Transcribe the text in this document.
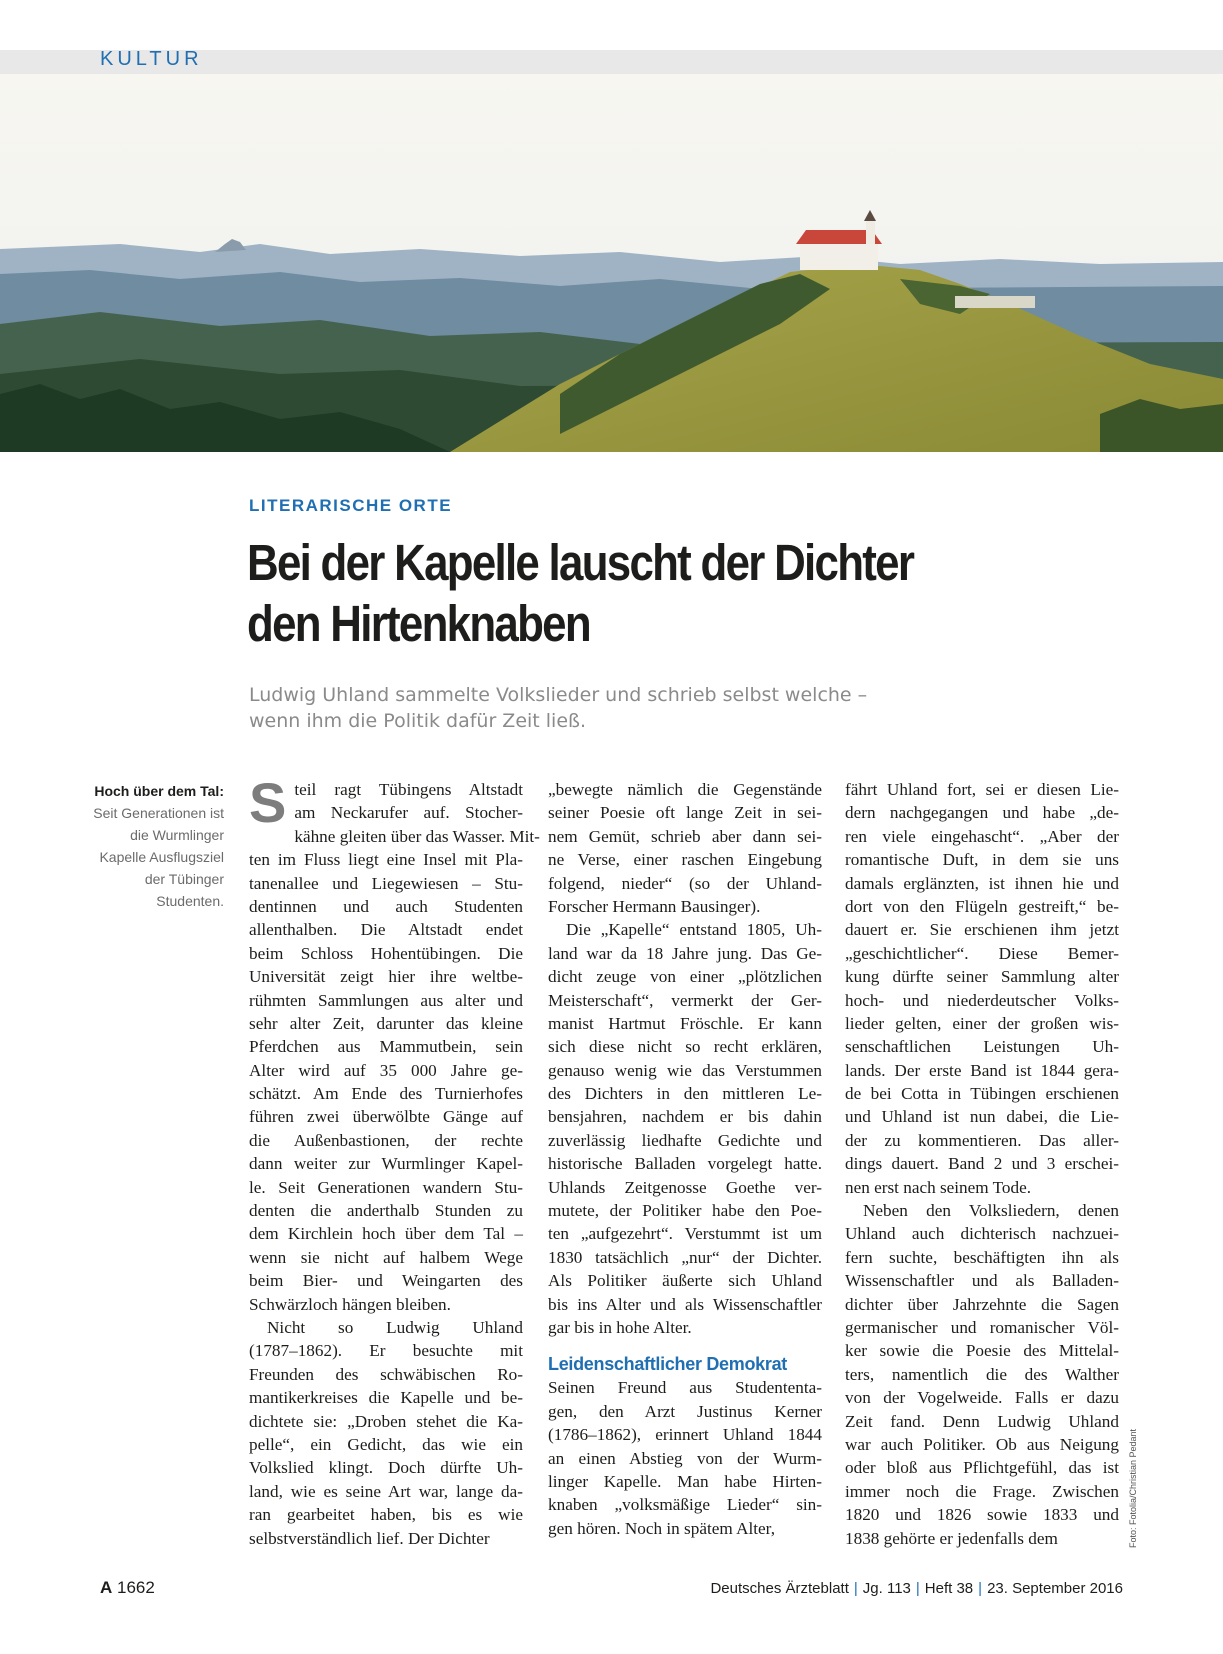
KULTUR
LITERARISCHE ORTE
Bei der Kapelle lauscht der Dichter
den Hirtenknaben
Ludwig Uhland sammelte Volkslieder und schrieb selbst welche –
wenn ihm die Politik dafür Zeit ließ.
Hoch über dem Tal: Seit Generationen ist die Wurmlinger Kapelle Ausflugsziel der Tübinger Studenten.
S teil ragt Tübingens Altstadt
am Neckarufer auf. Stocher-
kähne gleiten über das Wasser. Mit-
ten im Fluss liegt eine Insel mit Pla-
tanenallee und Liegewiesen – Stu-
dentinnen und auch Studenten
allenthalben. Die Altstadt endet
beim Schloss Hohentübingen. Die
Universität zeigt hier ihre weltbe-
rühmten Sammlungen aus alter und
sehr alter Zeit, darunter das kleine
Pferdchen aus Mammutbein, sein
Alter wird auf 35 000 Jahre ge-
schätzt. Am Ende des Turnierhofes
führen zwei überwölbte Gänge auf
die Außenbastionen, der rechte
dann weiter zur Wurmlinger Kapel-
le. Seit Generationen wandern Stu-
denten die anderthalb Stunden zu
dem Kirchlein hoch über dem Tal –
wenn sie nicht auf halbem Wege
beim Bier- und Weingarten des
Schwärzloch hängen bleiben.
Nicht so Ludwig Uhland
(1787–1862). Er besuchte mit
Freunden des schwäbischen Ro-
mantikerkreises die Kapelle und be-
dichtete sie: „Droben stehet die Ka-
pelle“, ein Gedicht, das wie ein
Volkslied klingt. Doch dürfte Uh-
land, wie es seine Art war, lange da-
ran gearbeitet haben, bis es wie
selbstverständlich lief. Der Dichter
„bewegte nämlich die Gegenstände
seiner Poesie oft lange Zeit in sei-
nem Gemüt, schrieb aber dann sei-
ne Verse, einer raschen Eingebung
folgend, nieder“ (so der Uhland-
Forscher Hermann Bausinger).
Die „Kapelle“ entstand 1805, Uh-
land war da 18 Jahre jung. Das Ge-
dicht zeuge von einer „plötzlichen
Meisterschaft“, vermerkt der Ger-
manist Hartmut Fröschle. Er kann
sich diese nicht so recht erklären,
genauso wenig wie das Verstummen
des Dichters in den mittleren Le-
bensjahren, nachdem er bis dahin
zuverlässig liedhafte Gedichte und
historische Balladen vorgelegt hatte.
Uhlands Zeitgenosse Goethe ver-
mutete, der Politiker habe den Poe-
ten „aufgezehrt“. Verstummt ist um
1830 tatsächlich „nur“ der Dichter.
Als Politiker äußerte sich Uhland
bis ins Alter und als Wissenschaftler
gar bis in hohe Alter.
Leidenschaftlicher Demokrat
Seinen Freund aus Studententa-
gen, den Arzt Justinus Kerner
(1786–1862), erinnert Uhland 1844
an einen Abstieg von der Wurm-
linger Kapelle. Man habe Hirten-
knaben „volksmäßige Lieder“ sin-
gen hören. Noch in spätem Alter,
fährt Uhland fort, sei er diesen Lie-
dern nachgegangen und habe „de-
ren viele eingehascht“. „Aber der
romantische Duft, in dem sie uns
damals erglänzten, ist ihnen hie und
dort von den Flügeln gestreift,“ be-
dauert er. Sie erschienen ihm jetzt
„geschichtlicher“. Diese Bemer-
kung dürfte seiner Sammlung alter
hoch- und niederdeutscher Volks-
lieder gelten, einer der großen wis-
senschaftlichen Leistungen Uh-
lands. Der erste Band ist 1844 gera-
de bei Cotta in Tübingen erschienen
und Uhland ist nun dabei, die Lie-
der zu kommentieren. Das aller-
dings dauert. Band 2 und 3 erschei-
nen erst nach seinem Tode.
Neben den Volksliedern, denen
Uhland auch dichterisch nachzuei-
fern suchte, beschäftigten ihn als
Wissenschaftler und als Balladen-
dichter über Jahrzehnte die Sagen
germanischer und romanischer Völ-
ker sowie die Poesie des Mittelal-
ters, namentlich die des Walther
von der Vogelweide. Falls er dazu
Zeit fand. Denn Ludwig Uhland
war auch Politiker. Ob aus Neigung
oder bloß aus Pflichtgefühl, das ist
immer noch die Frage. Zwischen
1820 und 1826 sowie 1833 und
1838 gehörte er jedenfalls dem	Foto: Fotolia/Christian Pedant
A 1662	Deutsches Ärzteblatt | Jg. 113 | Heft 38 | 23. September 2016
